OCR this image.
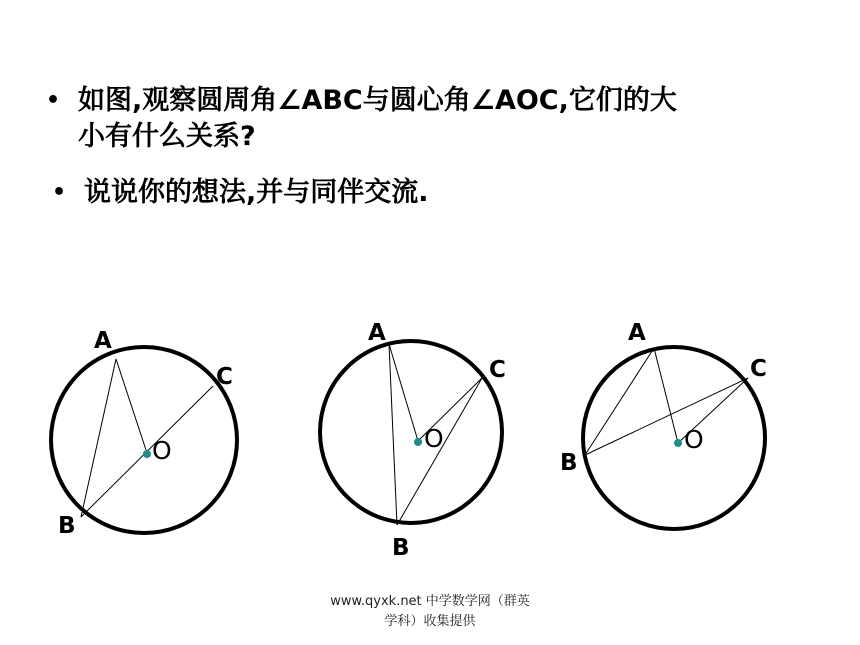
• 如图,观察圆周角∠ABC与圆心角∠AOC,它们的大
小有什么关系?
• 说说你的想法,并与同伴交流.
A
B
C
O
A
B
C
O
A
B
C
O
www.qyxk.net 中学数学网（群英
学科）收集提供
